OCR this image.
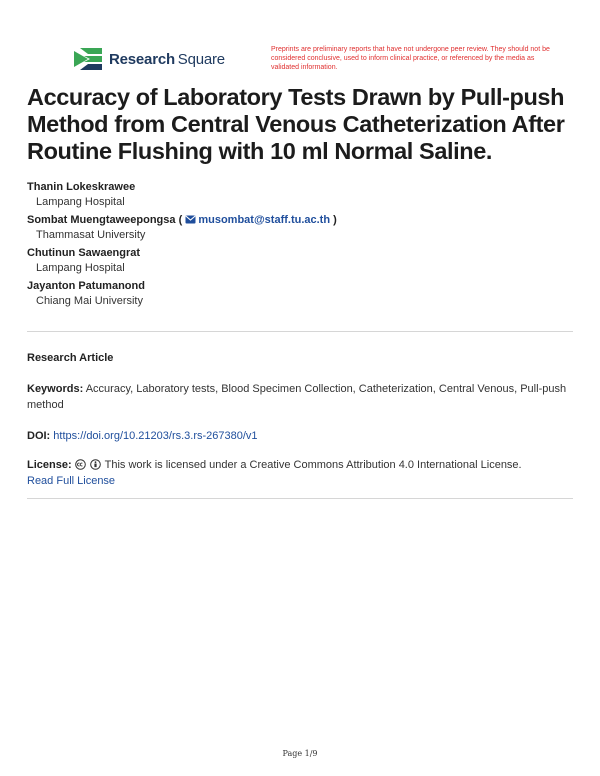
Research  Square
Preprints are preliminary reports that have not undergone peer review. They should not be considered conclusive, used to inform clinical practice, or referenced by the media as validated information.
Accuracy of Laboratory Tests Drawn by Pull-push Method from Central Venous Catheterization After Routine Flushing with 10 ml Normal Saline.
Thanin Lokeskrawee
Lampang Hospital
Sombat Muengtaweepongsa ( musombat@staff.tu.ac.th )
Thammasat University
Chutinun Sawaengrat
Lampang Hospital
Jayanton Patumanond
Chiang Mai University
Research Article
Keywords: Accuracy, Laboratory tests, Blood Specimen Collection, Catheterization, Central Venous, Pull-push method
DOI: https://doi.org/10.21203/rs.3.rs-267380/v1
License:	This work is licensed under a Creative Commons Attribution 4.0 International License.
Read Full License
Page 1/9
